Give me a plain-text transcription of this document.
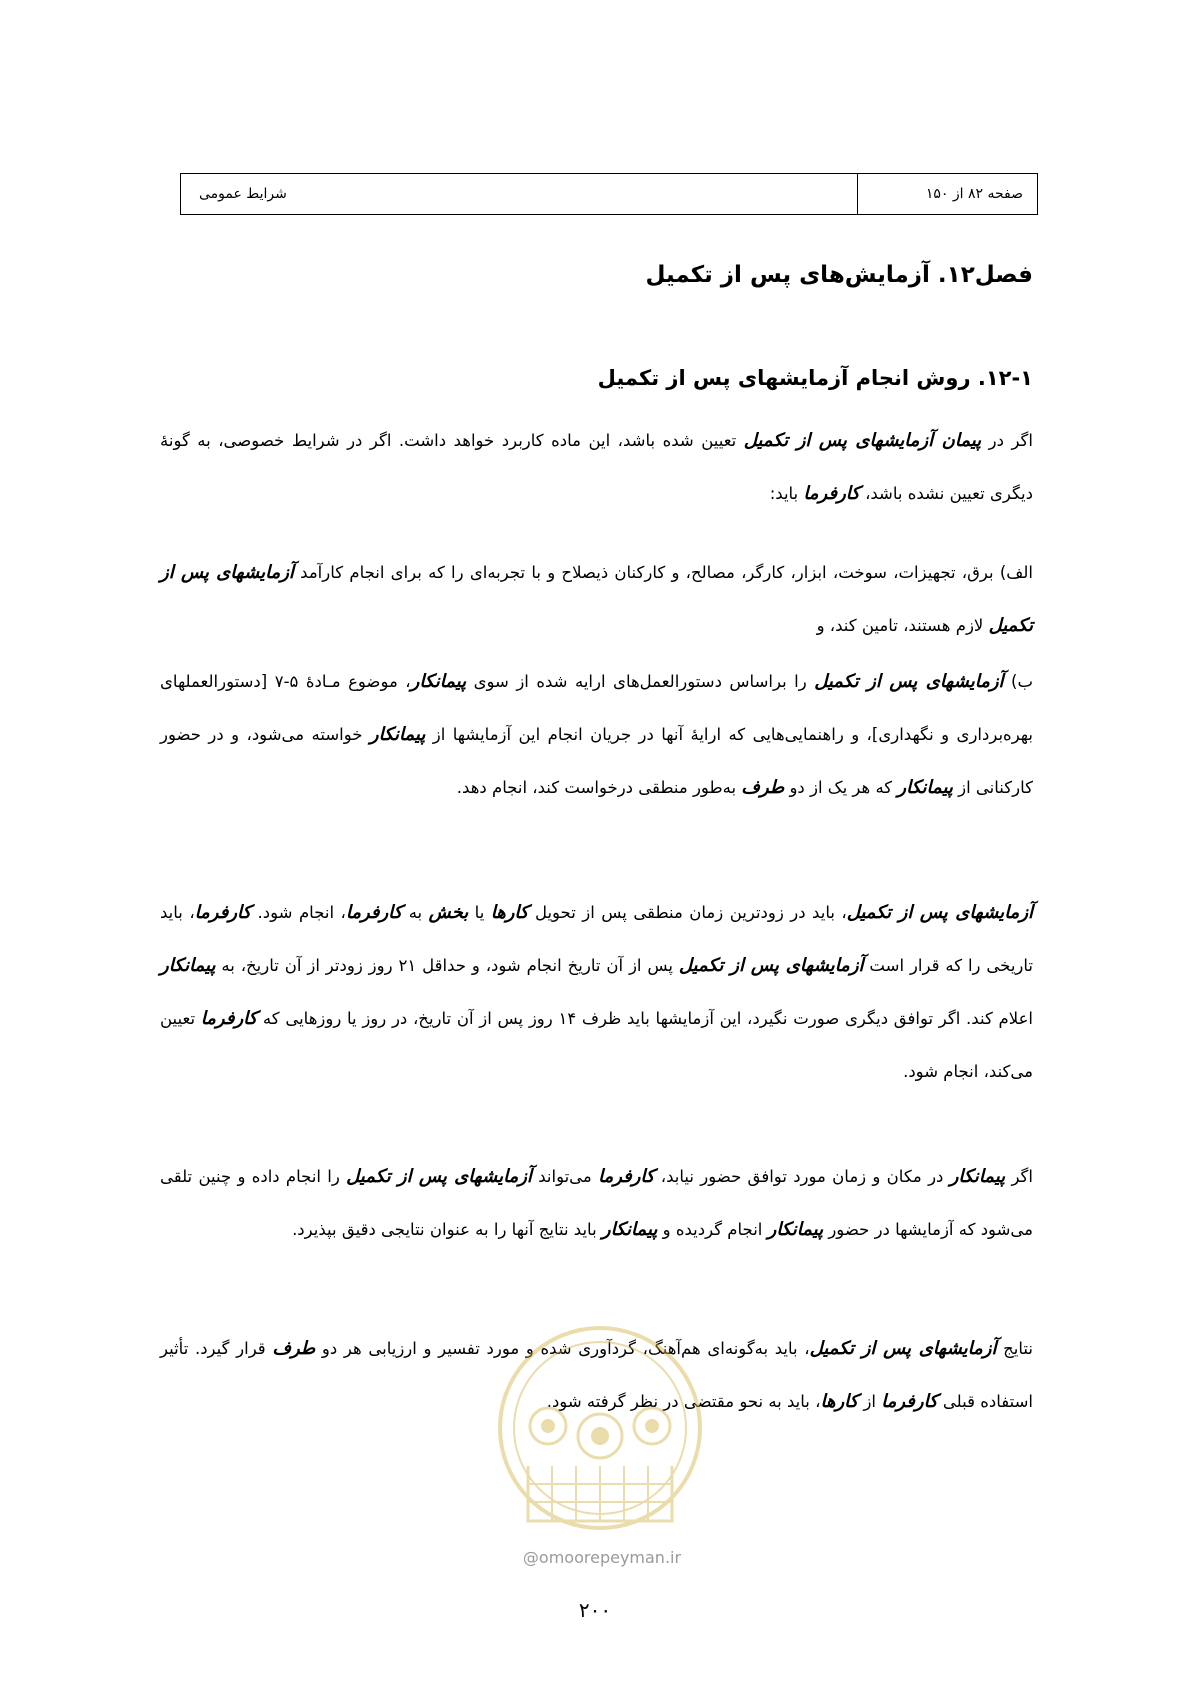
صفحه ۸۲ از ۱۵۰
شرایط عمومی
فصل۱۲. آزمایش‌های پس از تکمیل
۱۲-۱. روش انجام آزمایشهای پس از تکمیل

اگر در پیمان آزمایشهای پس از تکمیل تعیین شده باشد، این ماده کاربرد خواهد داشت. اگر در شرایط خصوصی، به گونهٔ دیگری تعیین نشده باشد، کارفرما باید:

الف) برق، تجهیزات، سوخت، ابزار، کارگر، مصالح، و کارکنان ذیصلاح و با تجربه‌ای را که برای انجام کارآمد آزمایشهای پس از تکمیل لازم هستند، تامین کند، و

ب) آزمایشهای پس از تکمیل را براساس دستورالعمل‌های ارایه شده از سوی پیمانکار، موضوع مـادۀ ۵-۷ [دستورالعملهای بهره‌برداری و نگهداری]، و راهنمایی‌هایی که ارایۀ آنها در جریان انجام این آزمایشها از پیمانکار خواسته می‌شود، و در حضور کارکنانی از پیمانکار که هر یک از دو طرف به‌طور منطقی درخواست کند، انجام دهد.

آزمایشهای پس از تکمیل، باید در زودترین زمان منطقی پس از تحویل کارها یا بخش به کارفرما، انجام شود. کارفرما، باید تاریخی را که قرار است آزمایشهای پس از تکمیل پس از آن تاریخ انجام شود، و حداقل ۲۱ روز زودتر از آن تاریخ، به پیمانکار اعلام کند. اگر توافق دیگری صورت نگیرد، این آزمایشها باید ظرف ۱۴ روز پس از آن تاریخ، در روز یا روزهایی که کارفرما تعیین می‌کند، انجام شود.

اگر پیمانکار در مکان و زمان مورد توافق حضور نیابد، کارفرما می‌تواند آزمایشهای پس از تکمیل را انجام داده و چنین تلقی می‌شود که آزمایشها در حضور پیمانکار انجام گردیده و پیمانکار باید نتایج آنها را به عنوان نتایجی دقیق بپذیرد.

نتایج آزمایشهای پس از تکمیل، باید به‌گونه‌ای هم‌آهنگ، گردآوری شده و مورد تفسیر و ارزیابی هر دو طرف قرار گیرد. تأثیر استفاده قبلی کارفرما از کارها، باید به نحو مقتضی در نظر گرفته شود.

@omoorepeyman.ir
۲۰۰
